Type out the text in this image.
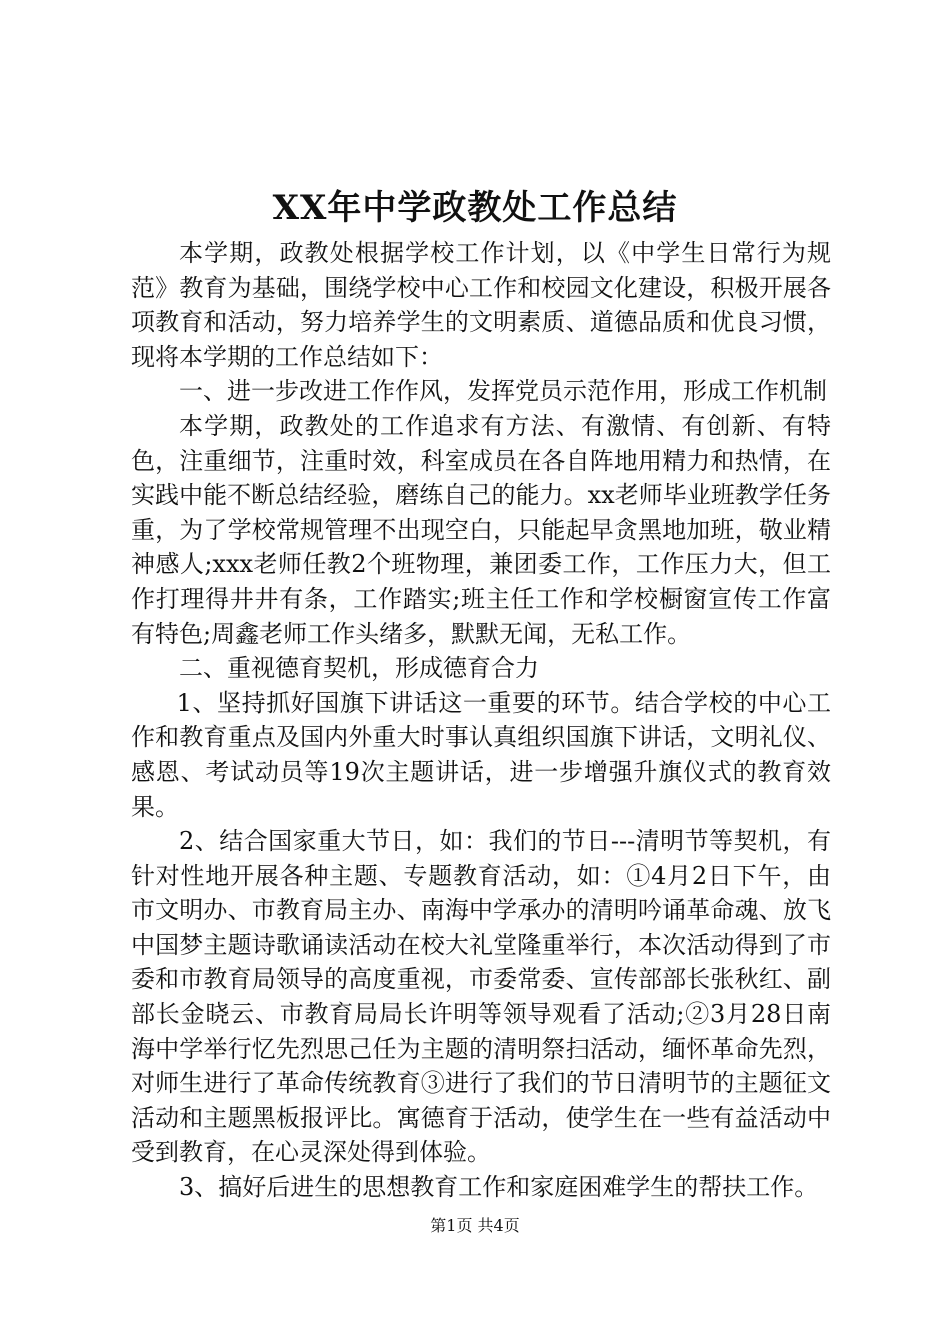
XX年中学政教处工作总结

本学期，政教处根据学校工作计划，以《中学生日常行为规范》教育为基础，围绕学校中心工作和校园文化建设，积极开展各项教育和活动，努力培养学生的文明素质、道德品质和优良习惯，现将本学期的工作总结如下：

一、进一步改进工作作风，发挥党员示范作用，形成工作机制

本学期，政教处的工作追求有方法、有激情、有创新、有特色，注重细节，注重时效，科室成员在各自阵地用精力和热情，在实践中能不断总结经验，磨练自己的能力。xx老师毕业班教学任务重，为了学校常规管理不出现空白，只能起早贪黑地加班，敬业精神感人;xxx老师任教2个班物理，兼团委工作，工作压力大，但工作打理得井井有条，工作踏实;班主任工作和学校橱窗宣传工作富有特色;周鑫老师工作头绪多，默默无闻，无私工作。

二、重视德育契机，形成德育合力

1、坚持抓好国旗下讲话这一重要的环节。结合学校的中心工作和教育重点及国内外重大时事认真组织国旗下讲话，文明礼仪、感恩、考试动员等19次主题讲话，进一步增强升旗仪式的教育效果。

2、结合国家重大节日，如：我们的节日---清明节等契机，有针对性地开展各种主题、专题教育活动，如：①4月2日下午，由市文明办、市教育局主办、南海中学承办的清明吟诵革命魂、放飞中国梦主题诗歌诵读活动在校大礼堂隆重举行，本次活动得到了市委和市教育局领导的高度重视，市委常委、宣传部部长张秋红、副部长金晓云、市教育局局长许明等领导观看了活动;②3月28日南海中学举行忆先烈思己任为主题的清明祭扫活动，缅怀革命先烈，对师生进行了革命传统教育③进行了我们的节日清明节的主题征文活动和主题黑板报评比。寓德育于活动，使学生在一些有益活动中受到教育，在心灵深处得到体验。

3、搞好后进生的思想教育工作和家庭困难学生的帮扶工作。

第1页 共4页
